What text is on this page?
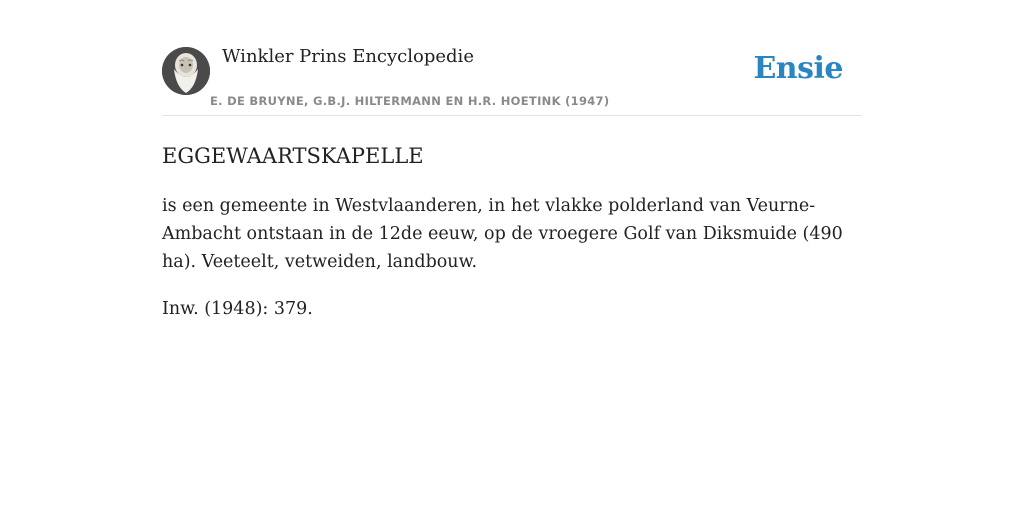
Winkler Prins Encyclopedie	Ensie
E. DE BRUYNE, G.B.J. HILTERMANN EN H.R. HOETINK (1947)
EGGEWAARTSKAPELLE

is een gemeente in Westvlaanderen, in het vlakke polderland van Veurne-Ambacht ontstaan in de 12de eeuw, op de vroegere Golf van Diksmuide (490 ha). Veeteelt, vetweiden, landbouw.

Inw. (1948): 379.
